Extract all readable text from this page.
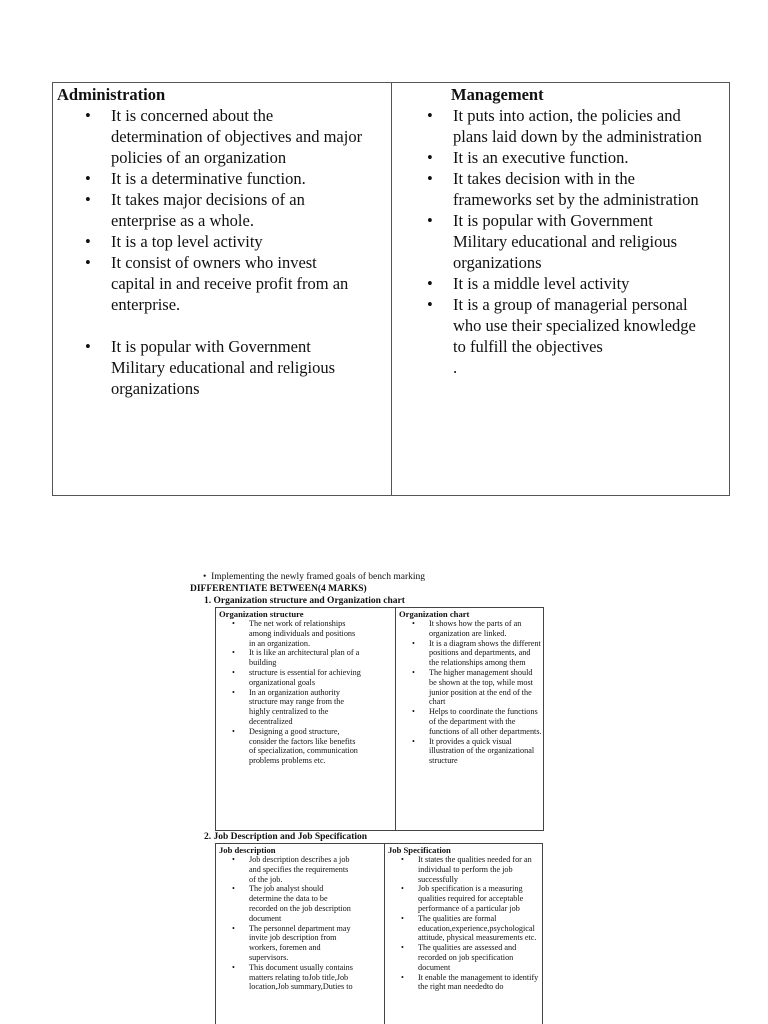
Administration
• It is concerned about the
determination of objectives and major
policies of an organization
• It is a determinative function.
• It takes major decisions of an
enterprise as a whole.
• It is a top level activity
• It consist of owners who invest
capital in and receive profit from an
enterprise.
• It is popular with Government
Military educational and religious
organizations
Management
• It puts into action, the policies and
plans laid down by the administration
• It is an executive function.
• It takes decision with in the
frameworks set by the administration
• It is popular with Government
Military educational and religious
organizations
• It is a middle level activity
• It is a group of managerial personal
who use their specialized knowledge
to fulfill the objectives
.
•  Implementing the newly framed goals of bench marking
DIFFERENTIATE BETWEEN(4 MARKS)
1. Organization structure and Organization chart
Organization structure
• The net work of relationships
among individuals and positions
in an organization.
• It is like an architectural plan of a
building
• structure is essential for achieving
organizational goals
• In an organization authority
structure may range from the
highly centralized to the
decentralized
• Designing a good structure,
consider the factors like benefits
of specialization, communication
problems problems etc.
Organization chart
• It shows how the parts of an
organization are linked.
• It is a diagram shows the different
positions and departments, and
the relationships among them
• The higher management should
be shown at the top, while most
junior position at the end of the
chart
• Helps to coordinate the functions
of the department with the
functions of all other departments.
• It provides a quick visual
illustration of the organizational
structure
2. Job Description and Job Specification
Job description
• Job description describes a job
and specifies the requirements
of the job.
• The job analyst should
determine the data to be
recorded on the job description
document
• The personnel department may
invite job description from
workers, foremen and
supervisors.
• This document usually contains
matters relating toJob title,Job
location,Job summary,Duties to
Job Specification
• It states the qualities needed for an
individual to perform the job
successfully
• Job specification is a measuring
qualities required for acceptable
performance of a particular job
• The qualities are formal
education,experience,psychological
attitude, physical measurements etc.
• The qualities are assessed and
recorded on job specification
document
• It enable the management to identify
the right man neededto do
